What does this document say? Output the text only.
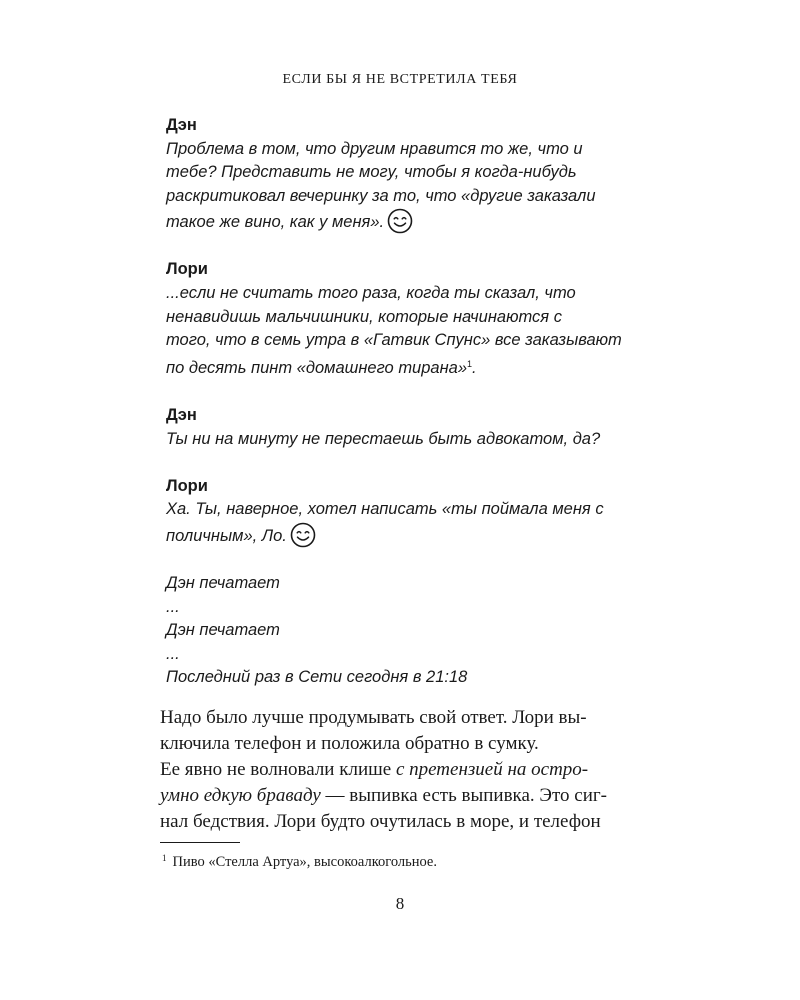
ЕСЛИ БЫ Я НЕ ВСТРЕТИЛА ТЕБЯ
Дэн
Проблема в том, что другим нравится то же, что и
тебе? Представить не могу, чтобы я когда-нибудь
раскритиковал вечеринку за то, что «другие заказали
такое же вино, как у меня».
Лори
...если не считать того раза, когда ты сказал, что
ненавидишь мальчишники, которые начинаются с
того, что в семь утра в «Гатвик Спунс» все заказывают
по десять пинт «домашнего тирана»$^1$.
Дэн
Ты ни на минуту не перестаешь быть адвокатом, да?
Лори
Ха. Ты, наверное, хотел написать «ты поймала меня с
поличным», Ло.
Дэн печатает
...
Дэн печатает
...
Последний раз в Сети сегодня в 21:18
Надо было лучше продумывать свой ответ. Лори вы-
ключила телефон и положила обратно в сумку.
Ее явно не волновали клише с претензией на остро-
умно едкую браваду — выпивка есть выпивка. Это сиг-
нал бедствия. Лори будто очутилась в море, и телефон
$^1$ Пиво «Стелла Артуа», высокоалкогольное.
8
